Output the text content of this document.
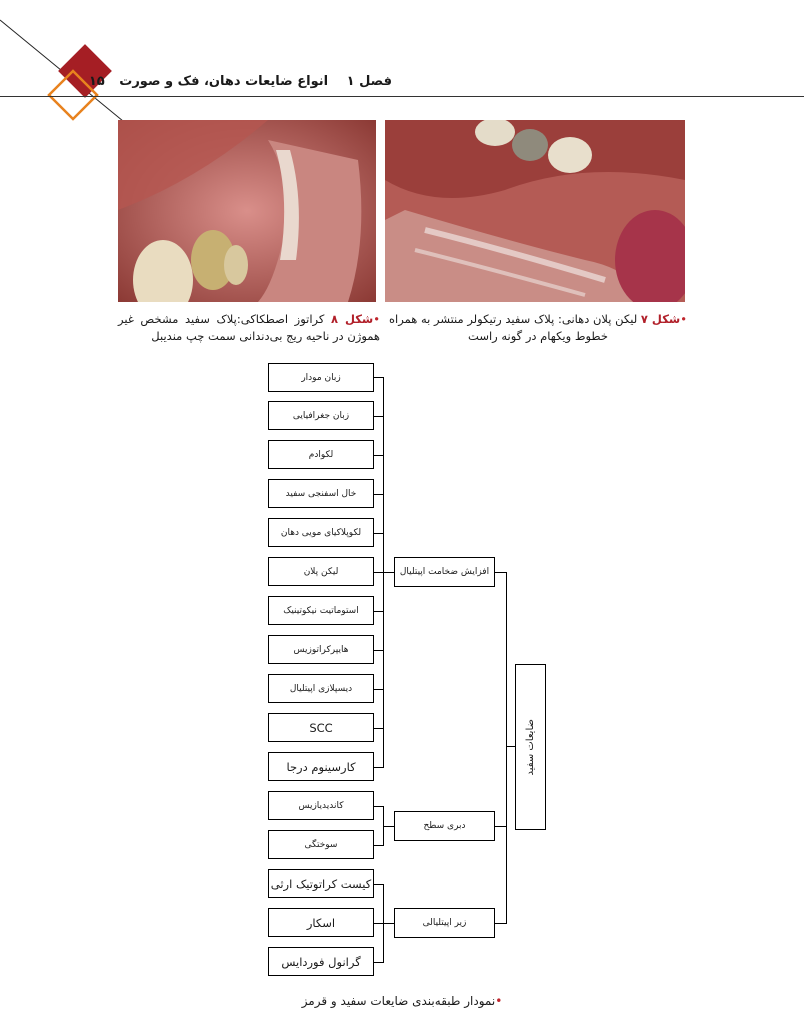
فصل ۱ انواع ضایعات دهان، فک و صورت ۱۵
•شکل ۸ کراتوز اصطکاکی:پلاک سفید مشخص غیر هموژن در ناحیه ریج بی‌دندانی سمت چپ مندیبل
•شکل ۷ لیکن پلان دهانی: پلاک سفید رتیکولر منتشر به همراه خطوط ویکهام در گونه راست
زبان مودار
زبان جغرافیایی
لکوادم
خال اسفنجی سفید
لکوپلاکیای مویی دهان
لیکن پلان
استوماتیت نیکوتینیک
هایپرکراتوزیس
دیسپلازی اپیتلیال
SCC
کارسینوم درجا
کاندیدیازیس
سوختگی
کیست کراتوتیک ارثی
اسکار
گرانول فوردایس
افزایش ضخامت اپیتلیال
دبری سطح
زیر اپیتلیالی
ضایعات سفید
•نمودار طبقه‌بندی ضایعات سفید و قرمز
